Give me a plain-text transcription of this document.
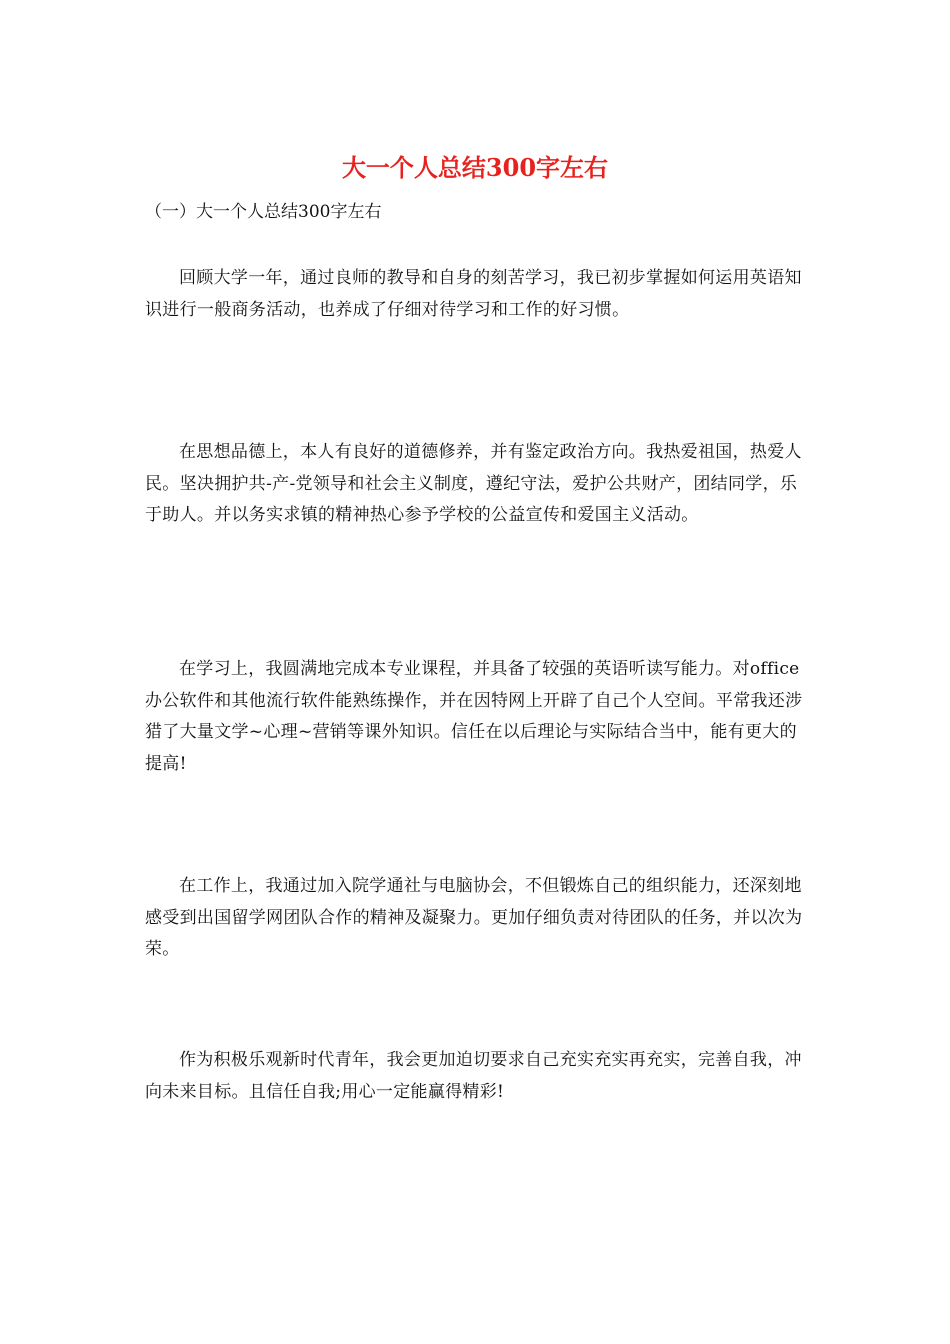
大一个人总结300字左右

（一）大一个人总结300字左右

回顾大学一年，通过良师的教导和自身的刻苦学习，我已初步掌握如何运用英语知识进行一般商务活动，也养成了仔细对待学习和工作的好习惯。

在思想品德上，本人有良好的道德修养，并有鉴定政治方向。我热爱祖国，热爱人民。坚决拥护共-产-党领导和社会主义制度，遵纪守法，爱护公共财产，团结同学，乐于助人。并以务实求镇的精神热心参予学校的公益宣传和爱国主义活动。

在学习上，我圆满地完成本专业课程，并具备了较强的英语听读写能力。对office办公软件和其他流行软件能熟练操作，并在因特网上开辟了自己个人空间。平常我还涉猎了大量文学~心理~营销等课外知识。信任在以后理论与实际结合当中，能有更大的提高!

在工作上，我通过加入院学通社与电脑协会，不但锻炼自己的组织能力，还深刻地感受到出国留学网团队合作的精神及凝聚力。更加仔细负责对待团队的任务，并以次为荣。

作为积极乐观新时代青年，我会更加迫切要求自己充实充实再充实，完善自我，冲向未来目标。且信任自我;用心一定能赢得精彩!
